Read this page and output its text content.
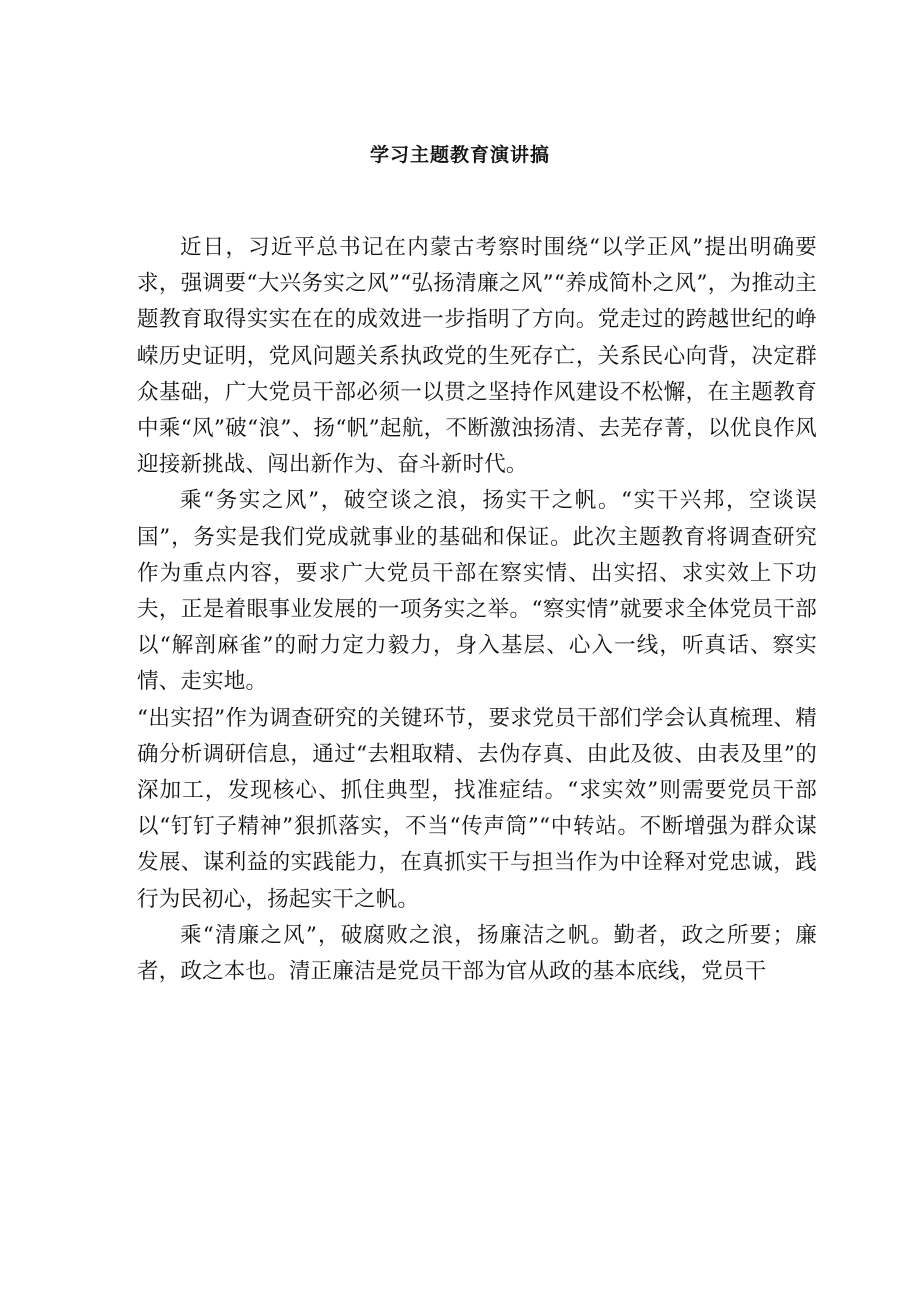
学习主题教育演讲搞

近日，习近平总书记在内蒙古考察时围绕“以学正风”提出明确要求，强调要“大兴务实之风”“弘扬清廉之风”“养成简朴之风”，为推动主题教育取得实实在在的成效进一步指明了方向。党走过的跨越世纪的峥嵘历史证明，党风问题关系执政党的生死存亡，关系民心向背，决定群众基础，广大党员干部必须一以贯之坚持作风建设不松懈，在主题教育中乘“风”破“浪”、扬“帆”起航，不断激浊扬清、去芜存菁，以优良作风迎接新挑战、闯出新作为、奋斗新时代。

乘“务实之风”，破空谈之浪，扬实干之帆。“实干兴邦，空谈误国”，务实是我们党成就事业的基础和保证。此次主题教育将调查研究作为重点内容，要求广大党员干部在察实情、出实招、求实效上下功夫，正是着眼事业发展的一项务实之举。“察实情”就要求全体党员干部以“解剖麻雀”的耐力定力毅力，身入基层、心入一线，听真话、察实情、走实地。

“出实招”作为调查研究的关键环节，要求党员干部们学会认真梳理、精确分析调研信息，通过“去粗取精、去伪存真、由此及彼、由表及里”的深加工，发现核心、抓住典型，找准症结。“求实效”则需要党员干部以“钉钉子精神”狠抓落实，不当“传声筒”“中转站。不断增强为群众谋发展、谋利益的实践能力，在真抓实干与担当作为中诠释对党忠诚，践行为民初心，扬起实干之帆。

乘“清廉之风”，破腐败之浪，扬廉洁之帆。勤者，政之所要；廉者，政之本也。清正廉洁是党员干部为官从政的基本底线，党员干
